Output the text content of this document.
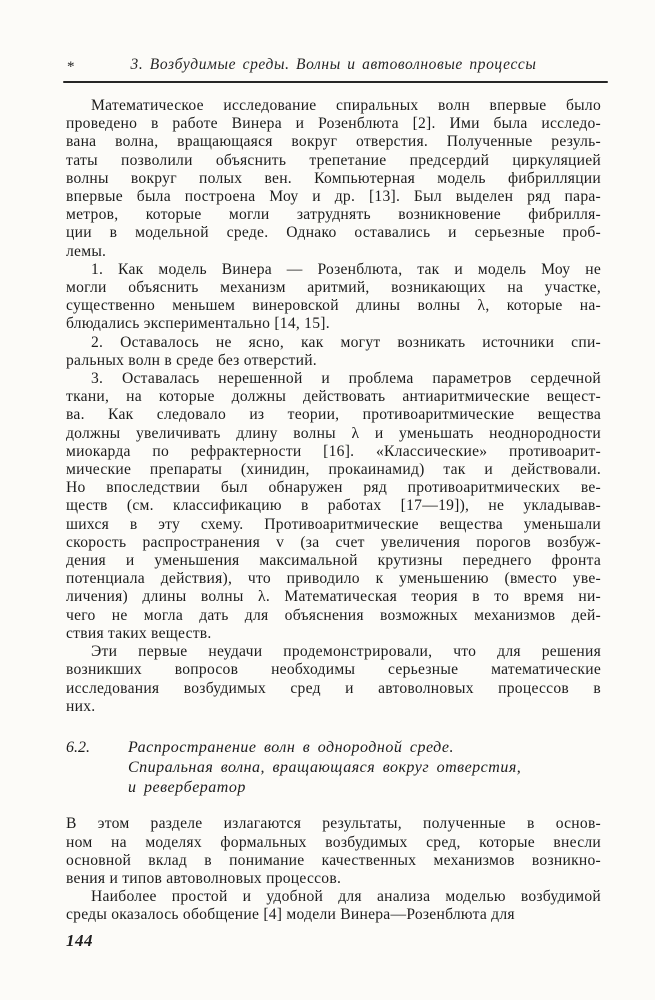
*	3. Возбудимые среды. Волны и автоволновые процессы
Математическое исследование спиральных волн впервые было
проведено в работе Винера и Розенблюта [2]. Ими была исследо-
вана волна, вращающаяся вокруг отверстия. Полученные резуль-
таты позволили объяснить трепетание предсердий циркуляцией
волны вокруг полых вен. Компьютерная модель фибрилляции
впервые была построена Моу и др. [13]. Был выделен ряд пара-
метров, которые могли затруднять возникновение фибрилля-
ции в модельной среде. Однако оставались и серьезные проб-
лемы.
1. Как модель Винера — Розенблюта, так и модель Моу не
могли объяснить механизм аритмий, возникающих на участке,
существенно меньшем винеровской длины волны λ, которые на-
блюдались экспериментально [14, 15].
2. Оставалось не ясно, как могут возникать источники спи-
ральных волн в среде без отверстий.
3. Оставалась нерешенной и проблема параметров сердечной
ткани, на которые должны действовать антиаритмические вещест-
ва. Как следовало из теории, противоаритмические вещества
должны увеличивать длину волны λ и уменьшать неоднородности
миокарда по рефрактерности [16]. «Классические» противоарит-
мические препараты (хинидин, прокаинамид) так и действовали.
Но впоследствии был обнаружен ряд противоаритмических ве-
ществ (см. классификацию в работах [17—19]), не укладывав-
шихся в эту схему. Противоаритмические вещества уменьшали
скорость распространения v (за счет увеличения порогов возбуж-
дения и уменьшения максимальной крутизны переднего фронта
потенциала действия), что приводило к уменьшению (вместо уве-
личения) длины волны λ. Математическая теория в то время ни-
чего не могла дать для объяснения возможных механизмов дей-
ствия таких веществ.
Эти первые неудачи продемонстрировали, что для решения
возникших вопросов необходимы серьезные математические
исследования возбудимых сред и автоволновых процессов в
них.
6.2.	Распространение волн в однородной среде.
Спиральная волна, вращающаяся вокруг отверстия,
и ревербератор
В этом разделе излагаются результаты, полученные в основ-
ном на моделях формальных возбудимых сред, которые внесли
основной вклад в понимание качественных механизмов возникно-
вения и типов автоволновых процессов.
Наиболее простой и удобной для анализа моделью возбудимой
среды оказалось обобщение [4] модели Винера—Розенблюта для
144
